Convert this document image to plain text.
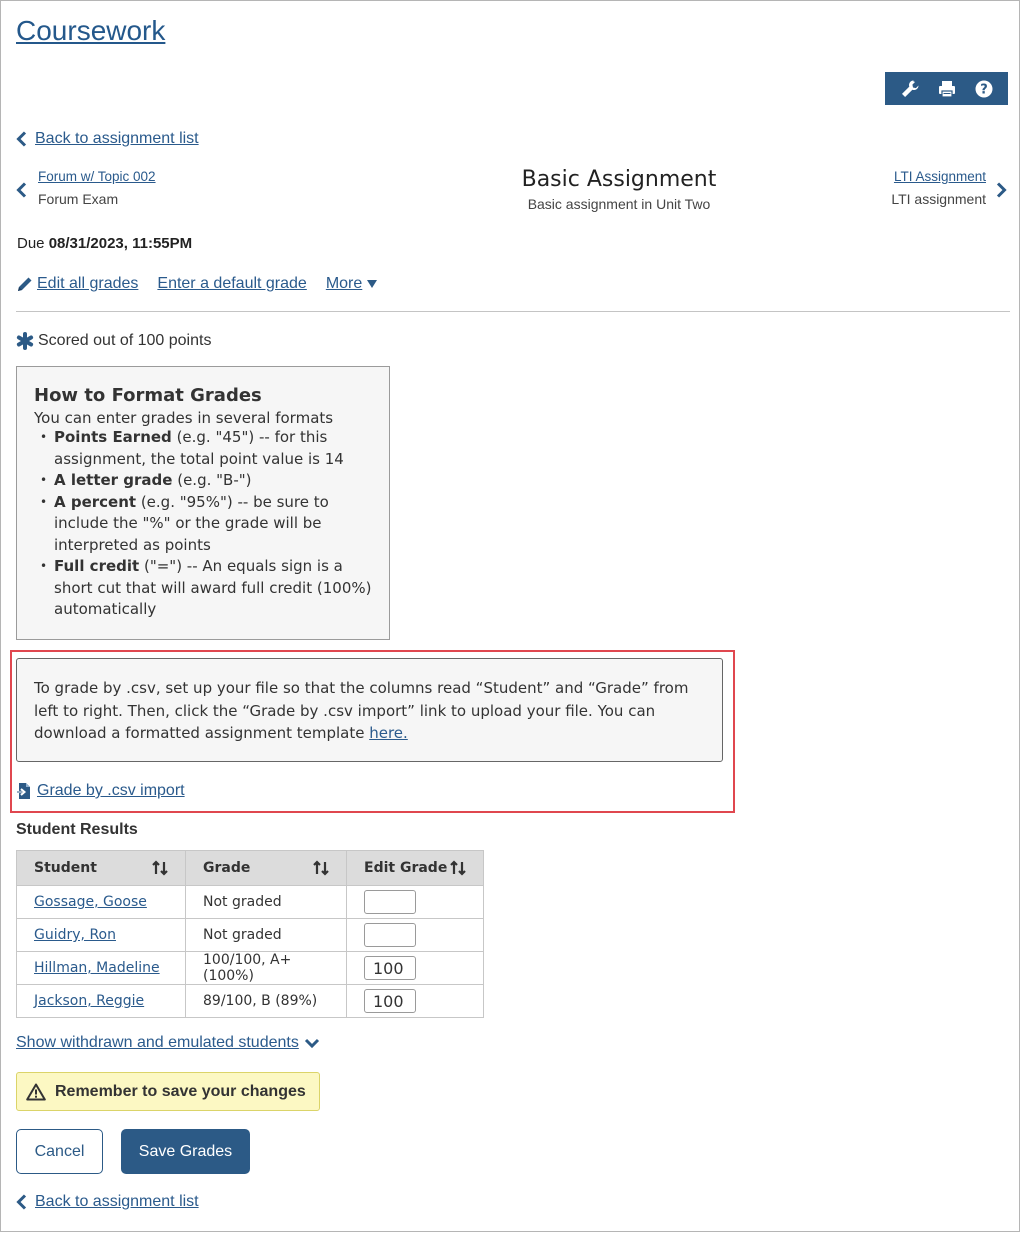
Coursework
?
Back to assignment list
Forum w/ Topic 002
Forum Exam
Basic Assignment
Basic assignment in Unit Two
LTI Assignment
LTI assignment
Due 08/31/2023, 11:55PM
Edit all grades Enter a default grade More
Scored out of 100 points
How to Format Grades
You can enter grades in several formats
• Points Earned (e.g. "45") -- for this assignment, the total point value is 14
• A letter grade (e.g. "B-")
• A percent (e.g. "95%") -- be sure to include the "%" or the grade will be interpreted as points
• Full credit ("=") -- An equals sign is a short cut that will award full credit (100%) automatically
To grade by .csv, set up your file so that the columns read “Student” and “Grade” from left to right. Then, click the “Grade by .csv import” link to upload your file. You can download a formatted assignment template here.
Grade by .csv import
Student Results
Student	Grade	Edit Grade

Gossage, Goose	Not graded	
Guidry, Ron	Not graded	
Hillman, Madeline	100/100, A+ (100%)	100
Jackson, Reggie	89/100, B (89%)	100
Show withdrawn and emulated students
Remember to save your changes
Cancel	Save Grades
Back to assignment list
